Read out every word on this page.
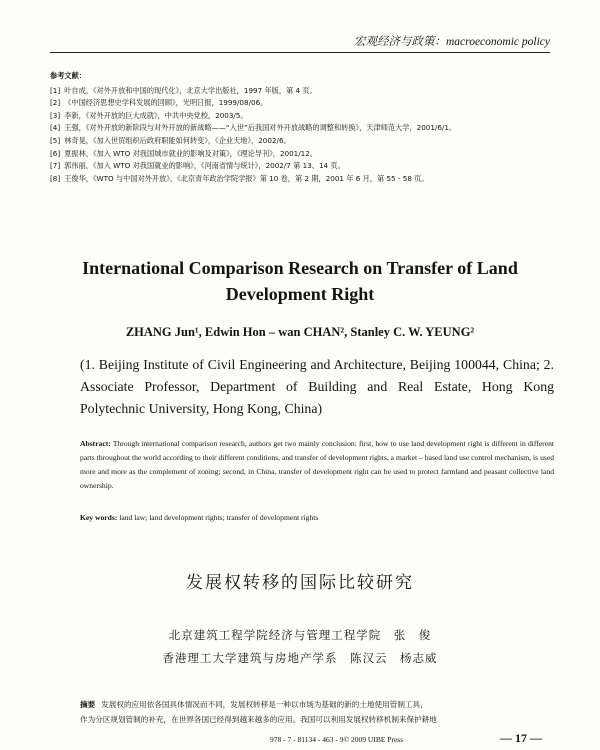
宏观经济与政策：macroeconomic policy
参考文献：
[1] 叶自成，《对外开放和中国的现代化》，北京大学出版社，1997 年版，第 4 页。
[2] 《中国经济思想史学科发展的回顾》，光明日报，1999/08/06。
[3] 李新，《对外开放的巨大成就》，中共中央党校，2003/5。
[4] 王强，《对外开放的新阶段与对外开放的新战略——“入世”后我国对外开放战略的调整和转换》，天津师范大学，2001/6/1。
[5] 林奇晃，《加入世贸组织后政府职能如何转变》，《企业天地》，2002/6。
[6] 夏振林，《加入 WTO 对我国城市就业的影响及对策》，《理论导刊》，2001/12。
[7] 郭伟丽，《加入 WTO 对我国就业的影响》，《河南省情与统计》，2002/7 第 13、14 页。
[8] 王俊华，《WTO 与中国对外开放》，《北京青年政治学院学报》第 10 卷，第 2 期，2001 年 6 月，第 55 - 58 页。
International Comparison Research on Transfer of Land
Development Right
ZHANG Jun¹, Edwin Hon – wan CHAN², Stanley C. W. YEUNG²
(1. Beijing Institute of Civil Engineering and Architecture, Beijing 100044, China; 2. Associate Professor, Department of Building and Real Estate, Hong Kong Polytechnic University, Hong Kong, China)
Abstract: Through international comparison research, authors get two mainly conclusion: first, how to use land development right is different in different parts throughout the world according to their different conditions, and transfer of development rights, a market – based land use control mechanism, is used more and more as the complement of zoning; second, in China, transfer of development right can be used to protect farmland and peasant collective land ownership.
Key words: land law; land development rights; transfer of development rights
发展权转移的国际比较研究
北京建筑工程学院经济与管理工程学院　张　俊
香港理工大学建筑与房地产学系　陈汉云　杨志威
摘要 发展权的应用依各国具体情况而不同，发展权转移是一种以市场为基础的新的土地使用管制工具，
作为分区规划管制的补充，在世界各国已经得到越来越多的应用。我国可以利用发展权转移机制来保护耕地
978 - 7 - 81134 - 463 - 9© 2009 UIBE Press	— 17 —
